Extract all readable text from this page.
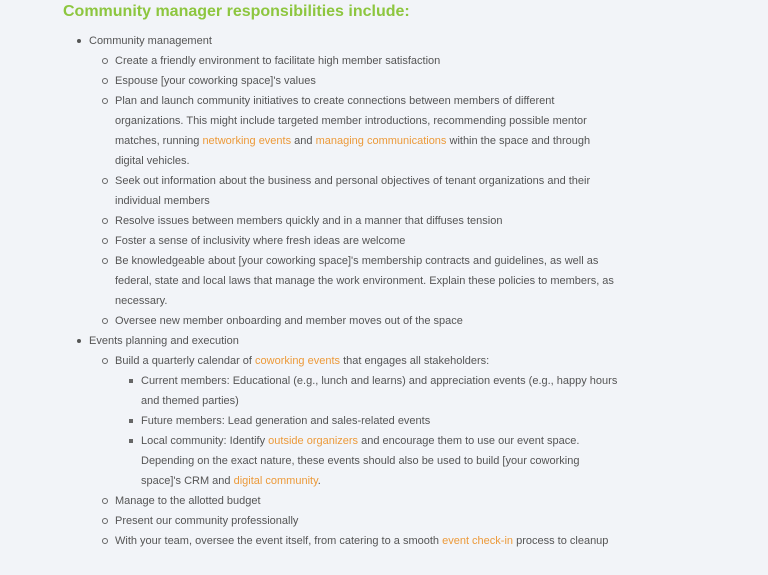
Community manager responsibilities include:
Community management
Create a friendly environment to facilitate high member satisfaction
Espouse [your coworking space]'s values
Plan and launch community initiatives to create connections between members of different organizations. This might include targeted member introductions, recommending possible mentor matches, running networking events and managing communications within the space and through digital vehicles.
Seek out information about the business and personal objectives of tenant organizations and their individual members
Resolve issues between members quickly and in a manner that diffuses tension
Foster a sense of inclusivity where fresh ideas are welcome
Be knowledgeable about [your coworking space]'s membership contracts and guidelines, as well as federal, state and local laws that manage the work environment. Explain these policies to members, as necessary.
Oversee new member onboarding and member moves out of the space
Events planning and execution
Build a quarterly calendar of coworking events that engages all stakeholders:
Current members: Educational (e.g., lunch and learns) and appreciation events (e.g., happy hours and themed parties)
Future members: Lead generation and sales-related events
Local community: Identify outside organizers and encourage them to use our event space. Depending on the exact nature, these events should also be used to build [your coworking space]'s CRM and digital community.
Manage to the allotted budget
Present our community professionally
With your team, oversee the event itself, from catering to a smooth event check-in process to cleanup
